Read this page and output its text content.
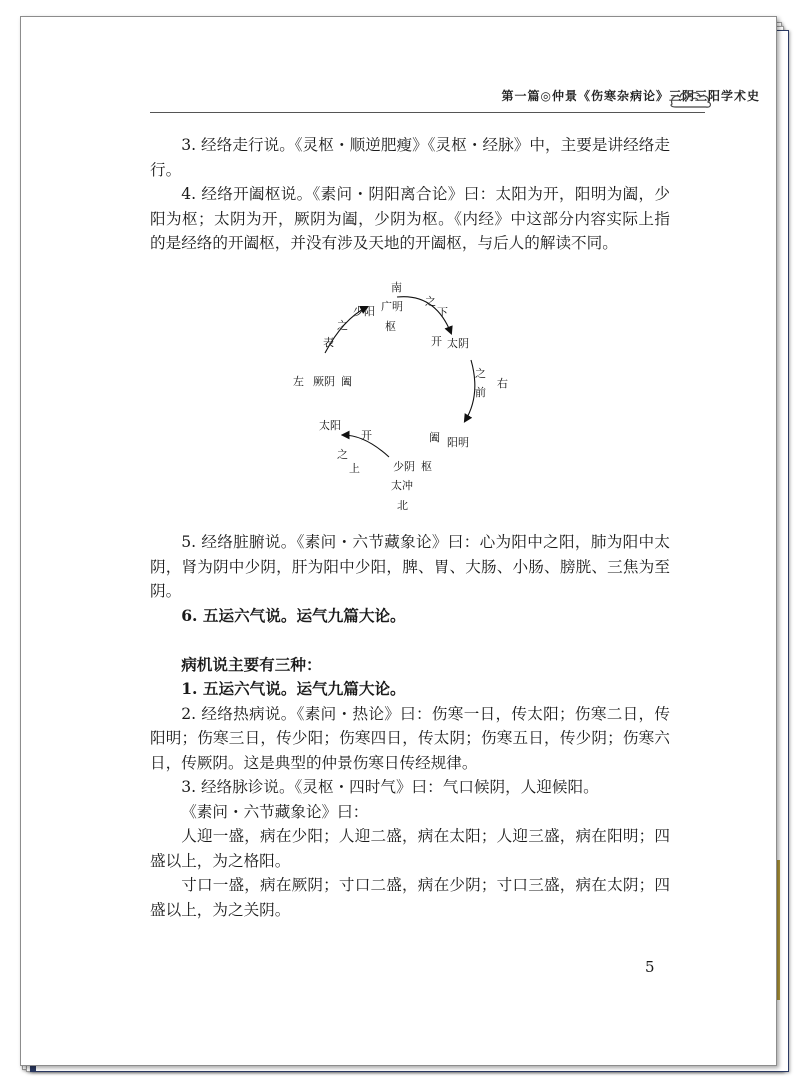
第一篇◎仲景《伤寒杂病论》三阴三阳学术史

3. 经络走行说。《灵枢・顺逆肥瘦》《灵枢・经脉》中，主要是讲经络走行。

4. 经络开阖枢说。《素问・阴阳离合论》曰：太阳为开，阳明为阖，少阳为枢；太阴为开，厥阴为阖，少阴为枢。《内经》中这部分内容实际上指的是经络的开阖枢，并没有涉及天地的开阖枢，与后人的解读不同。

南
广明
枢
少阳
之
表
之
下
开 太阴
之
前
右
左 厥阴 阖
太阳
开
之
上
阖 阳明
少阴 枢
太冲
北

5. 经络脏腑说。《素问・六节藏象论》曰：心为阳中之阳，肺为阳中太阴，肾为阴中少阴，肝为阳中少阳，脾、胃、大肠、小肠、膀胱、三焦为至阴。

6. 五运六气说。运气九篇大论。

病机说主要有三种：

1. 五运六气说。运气九篇大论。

2. 经络热病说。《素问・热论》曰：伤寒一日，传太阳；伤寒二日，传阳明；伤寒三日，传少阳；伤寒四日，传太阴；伤寒五日，传少阴；伤寒六日，传厥阴。这是典型的仲景伤寒日传经规律。

3. 经络脉诊说。《灵枢・四时气》曰：气口候阴，人迎候阳。

《素问・六节藏象论》曰：

人迎一盛，病在少阳；人迎二盛，病在太阳；人迎三盛，病在阳明；四盛以上，为之格阳。

寸口一盛，病在厥阴；寸口二盛，病在少阴；寸口三盛，病在太阴；四盛以上，为之关阴。

5
